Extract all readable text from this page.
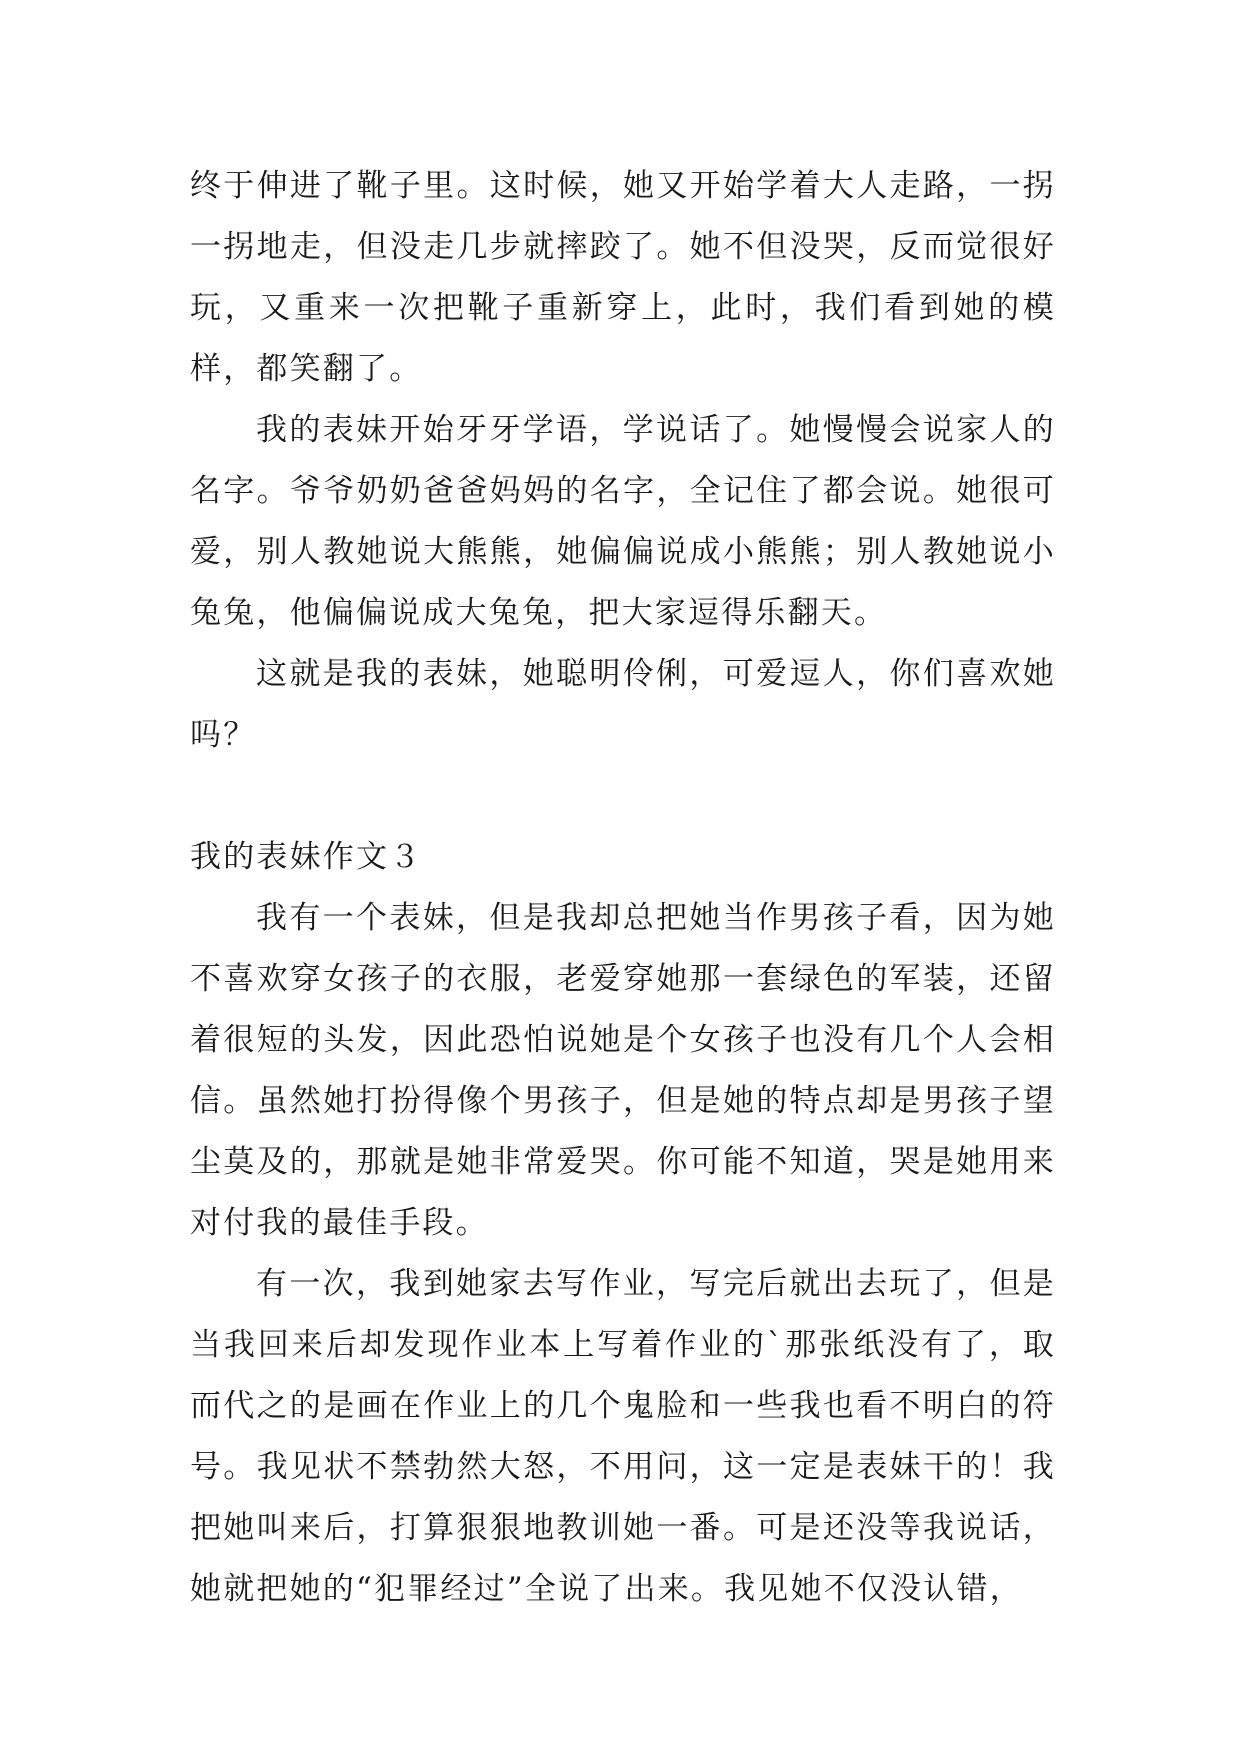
终于伸进了靴子里。这时候，她又开始学着大人走路，一拐一拐地走，但没走几步就摔跤了。她不但没哭，反而觉很好玩，又重来一次把靴子重新穿上，此时，我们看到她的模样，都笑翻了。

我的表妹开始牙牙学语，学说话了。她慢慢会说家人的名字。爷爷奶奶爸爸妈妈的名字，全记住了都会说。她很可爱，别人教她说大熊熊，她偏偏说成小熊熊；别人教她说小兔兔，他偏偏说成大兔兔，把大家逗得乐翻天。

这就是我的表妹，她聪明伶俐，可爱逗人，你们喜欢她吗？

我的表妹作文３

我有一个表妹，但是我却总把她当作男孩子看，因为她不喜欢穿女孩子的衣服，老爱穿她那一套绿色的军装，还留着很短的头发，因此恐怕说她是个女孩子也没有几个人会相信。虽然她打扮得像个男孩子，但是她的特点却是男孩子望尘莫及的，那就是她非常爱哭。你可能不知道，哭是她用来对付我的最佳手段。

有一次，我到她家去写作业，写完后就出去玩了，但是当我回来后却发现作业本上写着作业的`那张纸没有了，取而代之的是画在作业上的几个鬼脸和一些我也看不明白的符号。我见状不禁勃然大怒，不用问，这一定是表妹干的！我把她叫来后，打算狠狠地教训她一番。可是还没等我说话，她就把她的“犯罪经过”全说了出来。我见她不仅没认错，
